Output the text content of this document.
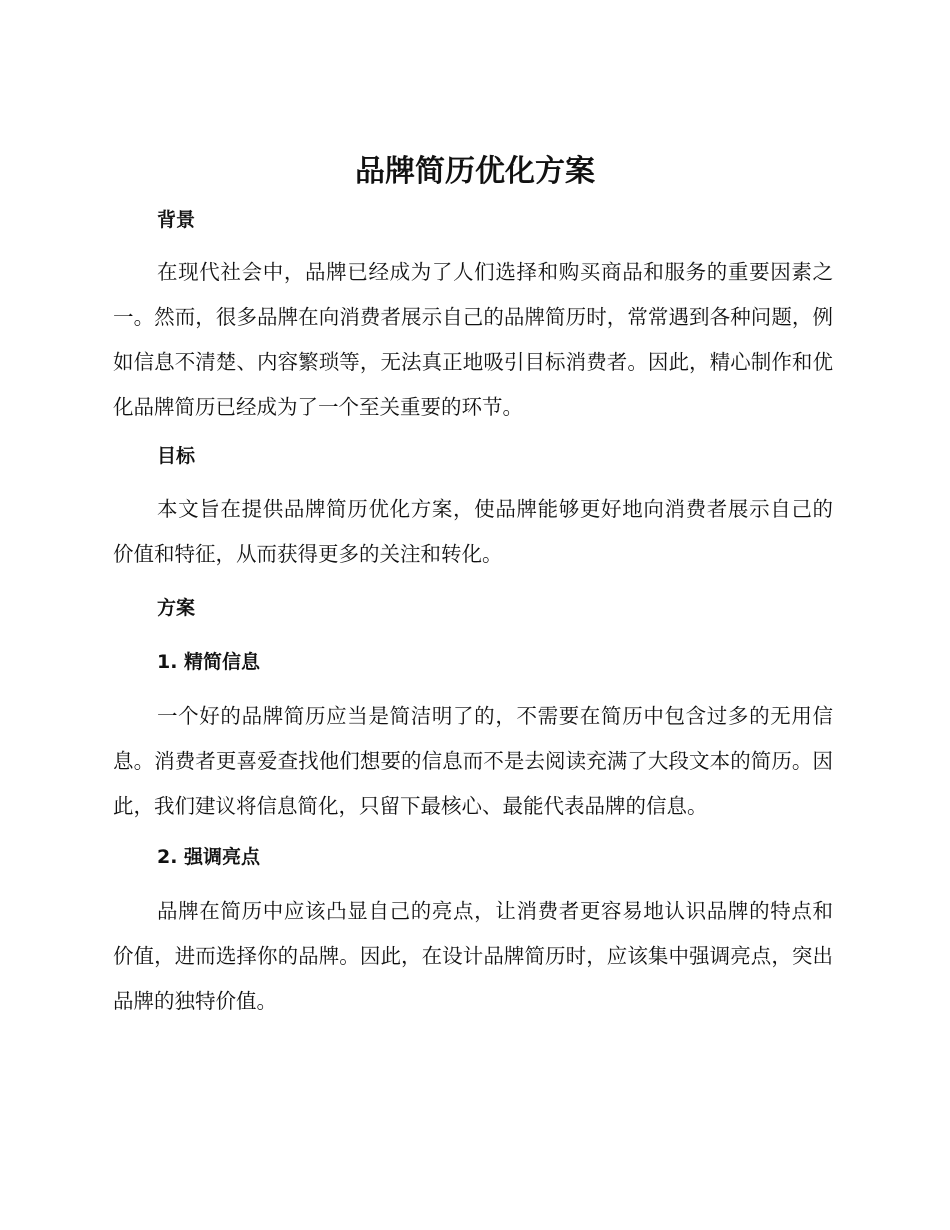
品牌简历优化方案
背景

在现代社会中，品牌已经成为了人们选择和购买商品和服务的重要因素之一。然而，很多品牌在向消费者展示自己的品牌简历时，常常遇到各种问题，例如信息不清楚、内容繁琐等，无法真正地吸引目标消费者。因此，精心制作和优化品牌简历已经成为了一个至关重要的环节。

目标

本文旨在提供品牌简历优化方案，使品牌能够更好地向消费者展示自己的价值和特征，从而获得更多的关注和转化。

方案
1. 精简信息

一个好的品牌简历应当是简洁明了的，不需要在简历中包含过多的无用信息。消费者更喜爱查找他们想要的信息而不是去阅读充满了大段文本的简历。因此，我们建议将信息简化，只留下最核心、最能代表品牌的信息。

2. 强调亮点

品牌在简历中应该凸显自己的亮点，让消费者更容易地认识品牌的特点和价值，进而选择你的品牌。因此，在设计品牌简历时，应该集中强调亮点，突出品牌的独特价值。
